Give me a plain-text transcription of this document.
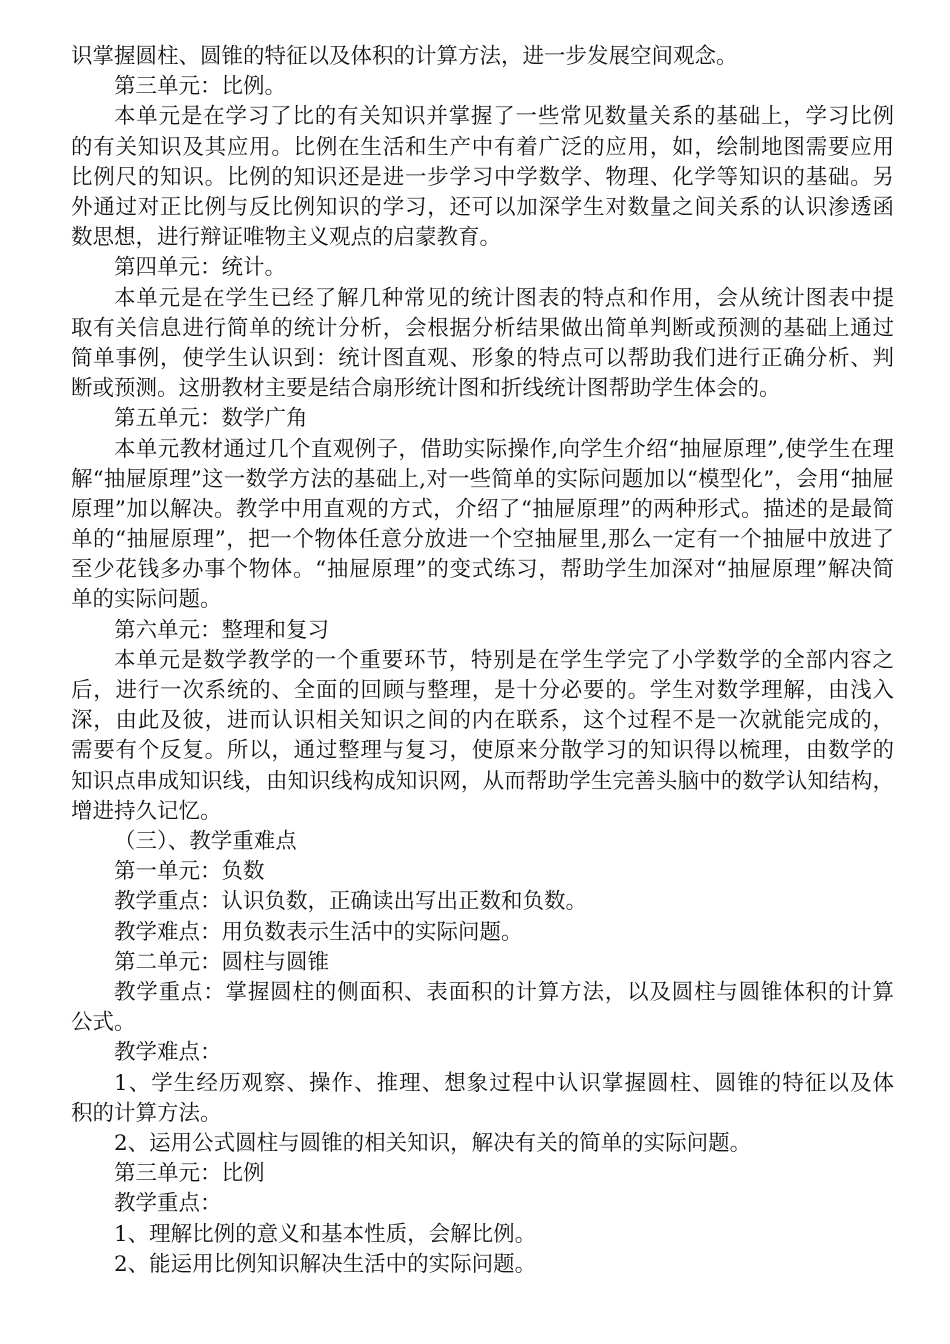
识掌握圆柱、圆锥的特征以及体积的计算方法，进一步发展空间观念。
第三单元：比例。
本单元是在学习了比的有关知识并掌握了一些常见数量关系的基础上，学习比例
的有关知识及其应用。比例在生活和生产中有着广泛的应用，如，绘制地图需要应用
比例尺的知识。比例的知识还是进一步学习中学数学、物理、化学等知识的基础。另
外通过对正比例与反比例知识的学习，还可以加深学生对数量之间关系的认识渗透函
数思想，进行辩证唯物主义观点的启蒙教育。
第四单元：统计。
本单元是在学生已经了解几种常见的统计图表的特点和作用，会从统计图表中提
取有关信息进行简单的统计分析，会根据分析结果做出简单判断或预测的基础上通过
简单事例，使学生认识到：统计图直观、形象的特点可以帮助我们进行正确分析、判
断或预测。这册教材主要是结合扇形统计图和折线统计图帮助学生体会的。
第五单元：数学广角
本单元教材通过几个直观例子，借助实际操作,向学生介绍“抽屉原理”,使学生在理
解“抽屉原理”这一数学方法的基础上,对一些简单的实际问题加以“模型化”，会用“抽屉
原理”加以解决。教学中用直观的方式，介绍了“抽屉原理”的两种形式。描述的是最简
单的“抽屉原理”，把一个物体任意分放进一个空抽屉里,那么一定有一个抽屉中放进了
至少花钱多办事个物体。“抽屉原理”的变式练习，帮助学生加深对“抽屉原理”解决简
单的实际问题。
第六单元：整理和复习
本单元是数学教学的一个重要环节，特别是在学生学完了小学数学的全部内容之
后，进行一次系统的、全面的回顾与整理，是十分必要的。学生对数学理解，由浅入
深，由此及彼，进而认识相关知识之间的内在联系，这个过程不是一次就能完成的，
需要有个反复。所以，通过整理与复习，使原来分散学习的知识得以梳理，由数学的
知识点串成知识线，由知识线构成知识网，从而帮助学生完善头脑中的数学认知结构，
增进持久记忆。
（三）、教学重难点
第一单元：负数
教学重点：认识负数，正确读出写出正数和负数。
教学难点：用负数表示生活中的实际问题。
第二单元：圆柱与圆锥
教学重点：掌握圆柱的侧面积、表面积的计算方法，以及圆柱与圆锥体积的计算
公式。
教学难点：
1、学生经历观察、操作、推理、想象过程中认识掌握圆柱、圆锥的特征以及体
积的计算方法。
2、运用公式圆柱与圆锥的相关知识，解决有关的简单的实际问题。
第三单元：比例
教学重点：
1、理解比例的意义和基本性质，会解比例。
2、能运用比例知识解决生活中的实际问题。
